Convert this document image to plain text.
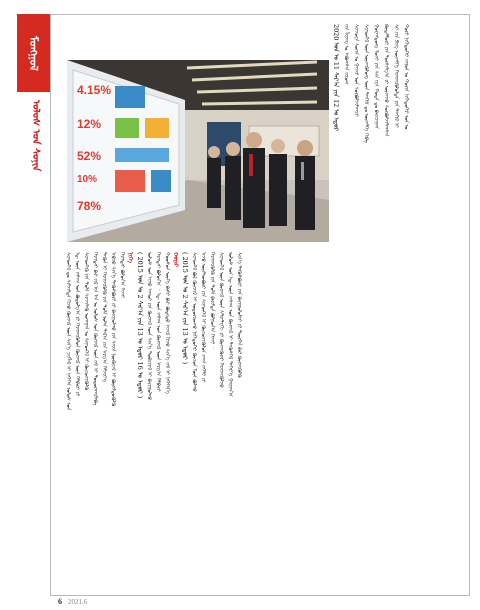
ᠮᠣᠩᠭᠣᠯ
ᠤᠯᠤᠰ ᠤᠨ ᠰᠤᠨᠢᠨ
4.15%
12%
52%
10%
78%
2020 ᠣᠨ ᠤ 11 ᠰᠠᠷ᠎ᠠ ᠶᠢᠨ 12 ᠤ ᠡᠳᠦᠷ ᠵᠢᠨ ᠯᠢᠶᠠᠩ ᠤ ᠠᠪᠤᠭᠰᠠᠨ ᠵᠢᠷᠤᠭ ᠰᠢᠨᠵᠤᠸᠠ ᠰᠣᠨᠢᠨ ᠤ ᠭᠠᠵᠠᠷ ᠤᠨ ᠰᠤᠷᠪᠤᠯᠵᠢᠯᠠᠭᠴᠢ ᠰᠢᠨᠡᠳᠭᠡᠯ ᠦᠨ ᠦᠵᠡᠭᠦᠯᠦᠩ ᠦᠨ ᠲᠠᠨᠬᠢᠮ ᠳᠤ ᠦᠵᠡᠯᠭᠡ ᠬᠢᠪᠡ ᠭᠤᠸᠠᠩᠳᠦᠩ ᠮᠤᠵᠢ ᠶᠢᠨ ᠱᠢᠨ ᠵᠧᠨ ᠬᠣᠲᠠ ᠳᠤ ᠪᠠᠶᠢᠴᠠᠭᠠᠨ ᠬᠦᠳᠡᠯᠮᠦᠷᠢ ᠶᠢᠨ ᠲᠤᠷᠰᠢᠯᠭ᠎ᠠ ᠶᠢ ᠦᠵᠡᠵᠦ ᠰᠤᠷᠪᠤᠯᠵᠢᠯᠠᠭᠰᠠᠨ ᠰᠢ ᠵᠢᠨ ᠫᠢᠩ ᠦᠵᠡᠯᠭᠡ ᠬᠡᠷᠡᠭᠵᠢᠭᠦᠯᠦᠯᠲᠡ ᠶᠢᠨ ᠲᠠᠨᠬᠢᠮ ᠢ ᠬᠣᠷᠢ ᠨᠢᠭᠡᠳᠦᠭᠡᠷ ᠵᠠᠭᠤᠨ ᠤ ᠬᠣᠷᠢᠨ ᠨᠢᠭᠡᠳᠦᠭᠡᠷ ᠣᠨ ᠤ
ᠰᠢᠨᠡᠳᠭᠡᠯ ᠳᠤ ᠰᠢᠯᠵᠢᠯᠲᠡ ᠬᠢᠵᠦ ᠬᠦᠭᠵᠢᠯ ᠦᠨ ᠰᠢᠨ᠎ᠡ ᠴᠢᠭᠯᠡᠯ ᠢ ᠨᠡᠭᠡᠭᠡᠨ ᠤᠯᠤᠰ ᠤᠨ ᠡᠳ᠋ ᠦᠨ ᠵᠠᠰᠠᠭ ᠤᠨ ᠪᠣᠳᠤᠯᠭ᠎ᠠ ᠶᠢ ᠬᠡᠷᠡᠭᠵᠢᠭᠦᠯᠦᠨ ᠬᠦᠭᠵᠢᠯ ᠦᠨ ᠬᠡᠯᠪᠡᠷᠢ ᠶᠢ ᠰᠢᠨᠡᠳᠬᠡᠬᠦ ᠶᠢᠨ ᠲᠤᠯᠠ ᠰᠢᠨᠵᠢᠯᠡᠬᠦ ᠤᠬᠠᠭᠠᠨ ᠤ ᠰᠢᠨᠡᠳᠭᠡᠯ ᠢ ᠬᠦᠴᠦᠵᠢᠭᠦᠯᠬᠦ ᠬᠡᠷᠡᠭᠲᠡᠢ ᠪᠡᠷ ᠵᠢᠯ ᠢᠨ ᠮᠠᠨ ᠤ ᠤᠯᠤᠰ ᠤᠨ ᠬᠦᠭᠵᠢᠯ ᠦᠨ ᠵᠠᠮ ᠢ ᠲᠣᠳᠤᠷᠬᠠᠢᠯᠠᠪᠠ ᠲᠡᠭᠦᠨ ᠢ ᠬᠡᠷᠡᠭᠵᠢᠭᠦᠯᠬᠦ ᠶᠢᠨ ᠲᠤᠯᠠ ᠣᠯᠠᠨ ᠲᠠᠯ᠎ᠠ ᠶᠢᠨ ᠠᠷᠭ᠎ᠠ ᠬᠡᠮᠵᠢᠶ᠎ᠡ ᠠᠪᠴᠤ ᠰᠢᠨ᠎ᠡ ᠲᠡᠭᠦᠰᠪᠦᠷᠢ ᠶᠢ ᠪᠠᠢᠭᠤᠯᠬᠤ ᠶᠢᠨ ᠰᠠᠶᠢᠨ ᠨᠦᠬᠦᠴᠡᠯ ᠢ ᠪᠦᠷᠢᠯᠳᠦᠭᠦᠯᠬᠦ ᠬᠡᠷᠡᠭᠲᠡᠢ ᠪᠣᠯᠤᠨ᠎ᠠ ᠭᠡᠵᠡᠢ ᠨᠢᠭᠡ ( 2015 ᠣᠨ ᠤ 2 ᠰᠠᠷ᠎ᠠ ᠶᠢᠨ 13 ᠤ ᠡᠳᠦᠷ 16 ᠤ ᠡᠳᠦᠷ ) ᠤᠯᠤᠰ ᠤᠨ ᠠᠵᠤ ᠠᠬᠤᠢ ᠶᠢᠨ ᠬᠦᠭᠵᠢᠯ ᠦᠨ ᠰᠢᠨ᠎ᠡ ᠲᠣᠪᠴᠢᠶᠠᠯ ᠢ ᠪᠠᠶᠢᠭᠤᠯᠬᠤ ᠬᠡᠷᠡᠭᠲᠡᠢ ᠪᠣᠯᠤᠨ᠎ᠠ ᠃ ᠡᠳ᠋ ᠦᠨ ᠵᠠᠰᠠᠭ ᠤᠨ ᠬᠦᠭᠵᠢᠯ ᠦᠨ ᠠᠷᠭ᠎ᠠ ᠬᠡᠯᠪᠡᠷᠢ ᠬᠣᠣᠰᠤᠨ ᠦᠭᠡ ᠪᠢᠰᠢ ᠪᠡᠷ ᠪᠣᠳᠢᠲᠤ ᠠᠵᠢᠯ ᠬᠢᠵᠦ ᠰᠢᠨ᠎ᠡ ᠵᠠᠮ ᠢ ᠨᠡᠭᠡᠭᠡᠨ᠎ᠡ ᠬᠣᠶᠠᠷ ( 2015 ᠣᠨ ᠤ 2 ᠰᠠᠷ᠎ᠠ ᠶᠢᠨ 13 ᠤ ᠡᠳᠦᠷ ) ᠰᠢᠨᠡᠳᠭᠡᠯ ᠪᠣᠯ ᠬᠦᠭᠵᠢᠯ ᠢ ᠤᠳᠤᠷᠢᠳᠬᠤ ᠨᠢᠭᠡᠳᠦᠭᠡᠷ ᠬᠦᠴᠦᠨ ᠮᠦᠨ ᠪᠣᠯᠬᠤ ᠠᠵᠤ ᠦᠢᠯᠡᠳᠪᠦᠷᠢ ᠶᠢᠨ ᠰᠢᠨᠡᠳᠭᠡᠯ ᠢ ᠬᠦᠴᠦᠵᠢᠭᠦᠯᠦᠨ ᠵᠠᠬᠠ ᠵᠡᠭᠡᠯᠢ ᠶᠢ ᠬᠡᠷᠡᠭᠵᠢᠭᠦᠯᠬᠦ ᠶᠢᠨ ᠲᠤᠯᠠ ᠪᠠᠷᠢᠮᠲᠠ ᠪᠣᠯᠭᠤᠨ᠎ᠠ ᠭᠡᠵᠡᠢ ᠃ ᠰᠢᠨᠡᠳᠭᠡᠯ ᠦᠨ ᠬᠦᠭᠵᠢᠯ ᠦᠨ ᠰᠲᠷᠠᠲᠧᠭᠢ ᠶᠢ ᠭᠦᠨᠵᠡᠭᠦᠷᠡᠢ ᠬᠡᠷᠡᠭᠵᠢᠭᠦᠯᠵᠦ ᠤᠯᠤᠰ ᠤᠨ ᠡᠳ᠋ ᠦᠨ ᠵᠠᠰᠠᠭ ᠤᠨ ᠬᠦᠭᠵᠢᠯ ᠢ ᠲᠡᠭᠦᠰᠬᠡᠯ ᠳᠡᠭᠡᠷ᠎ᠡ ᠭᠠᠷᠭᠠᠨ᠎ᠠ ᠰᠢᠨ᠎ᠡ ᠲᠡᠭᠦᠰᠪᠦᠷᠢ ᠶᠢᠨ ᠪᠠᠶᠢᠭᠤᠯᠤᠮᠵᠢ ᠶᠢ ᠲᠦᠷᠭᠡᠨ ᠪᠡᠷ ᠬᠦᠭᠵᠢᠭᠦᠯᠬᠦ
6 2021.6
